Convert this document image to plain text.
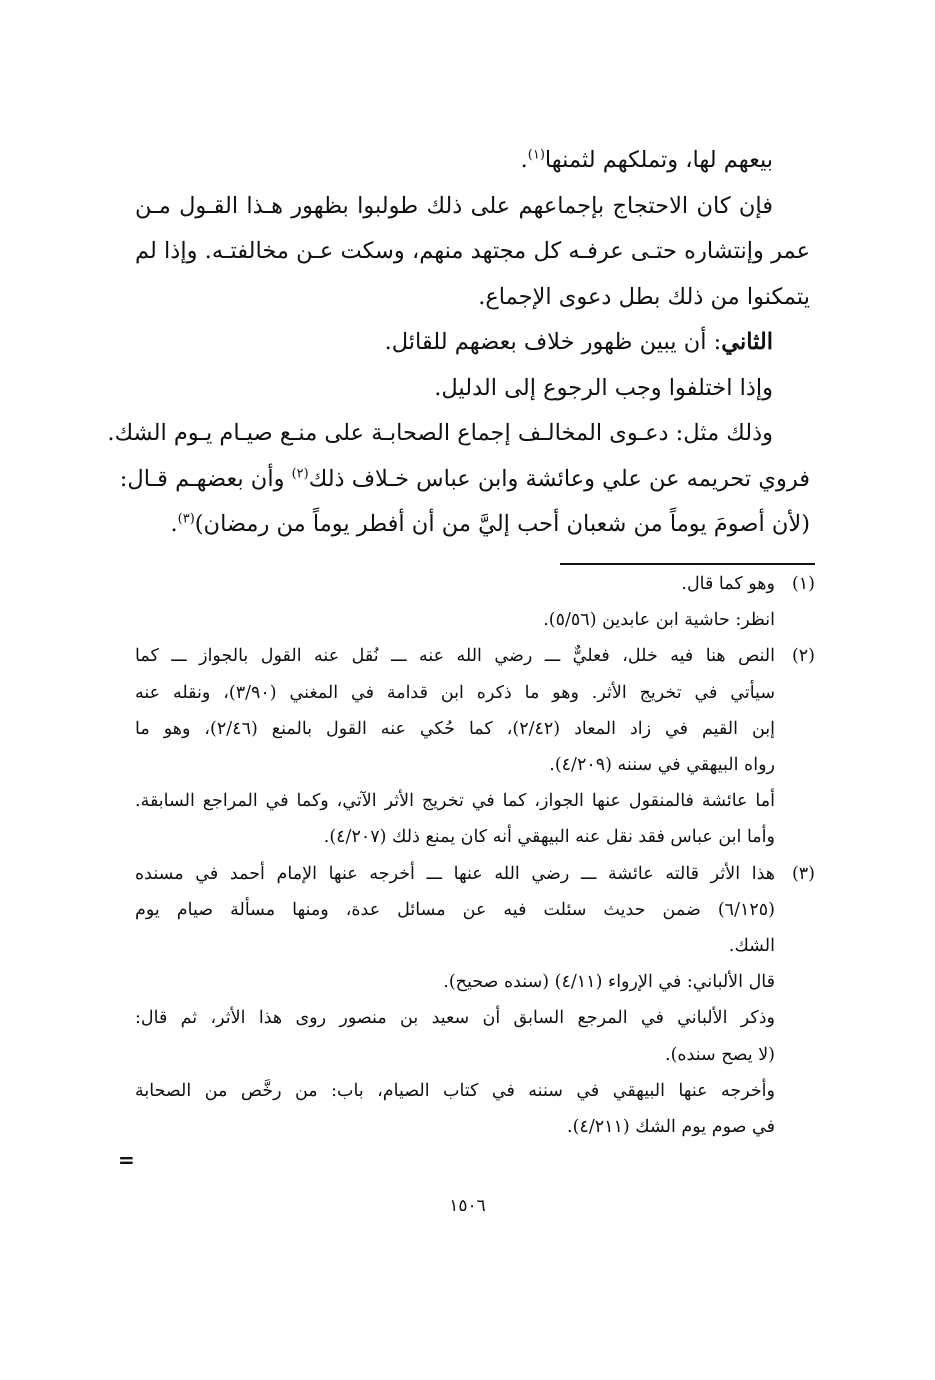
بيعهم لها، وتملكهم لثمنها$^{(١)}$.

فإن كان الاحتجاج بإجماعهم على ذلك طولبوا بظهور هـذا القـول مـن

عمر وإنتشاره حتـى عرفـه كل مجتهد منهم، وسكت عـن مخالفتـه. وإذا لم

يتمكنوا من ذلك بطل دعوى الإجماع.

الثاني: أن يبين ظهور خلاف بعضهم للقائل.

وإذا اختلفوا وجب الرجوع إلى الدليل.

وذلك مثل: دعـوى المخالـف إجماع الصحابـة على منـع صيـام يـوم الشك.

فروي تحريمه عن علي وعائشة وابن عباس خـلاف ذلك$^{(٢)}$ وأن بعضهـم قـال:

(لأن أصومَ يوماً من شعبان أحب إليَّ من أن أفطر يوماً من رمضان)$^{(٣)}$.

(١)
وهو كما قال.
انظر: حاشية ابن عابدين (٥/٥٦).
(٢)
النص هنا فيه خلل، فعليٌّ ـــ رضي الله عنه ـــ نُقل عنه القول بالجواز ـــ كما
سيأتي في تخريج الأثر. وهو ما ذكره ابن قدامة في المغني (٣/٩٠)، ونقله عنه
إبن القيم في زاد المعاد (٢/٤٢)، كما حُكي عنه القول بالمنع (٢/٤٦)، وهو ما
رواه البيهقي في سننه (٤/٢٠٩).
أما عائشة فالمنقول عنها الجواز، كما في تخريج الأثر الآتي، وكما في المراجع السابقة.
وأما ابن عباس فقد نقل عنه البيهقي أنه كان يمنع ذلك (٤/٢٠٧).
(٣)
هذا الأثر قالته عائشة ـــ رضي الله عنها ـــ أخرجه عنها الإمام أحمد في مسنده
(٦/١٢٥) ضمن حديث سئلت فيه عن مسائل عدة، ومنها مسألة صيام يوم
الشك.
قال الألباني: في الإرواء (٤/١١) (سنده صحيح).
وذكر الألباني في المرجع السابق أن سعيد بن منصور روى هذا الأثر، ثم قال:
(لا يصح سنده).
وأخرجه عنها البيهقي في سننه في كتاب الصيام، باب: من رخَّص من الصحابة
في صوم يوم الشك (٤/٢١١).
=
١٥٠٦
